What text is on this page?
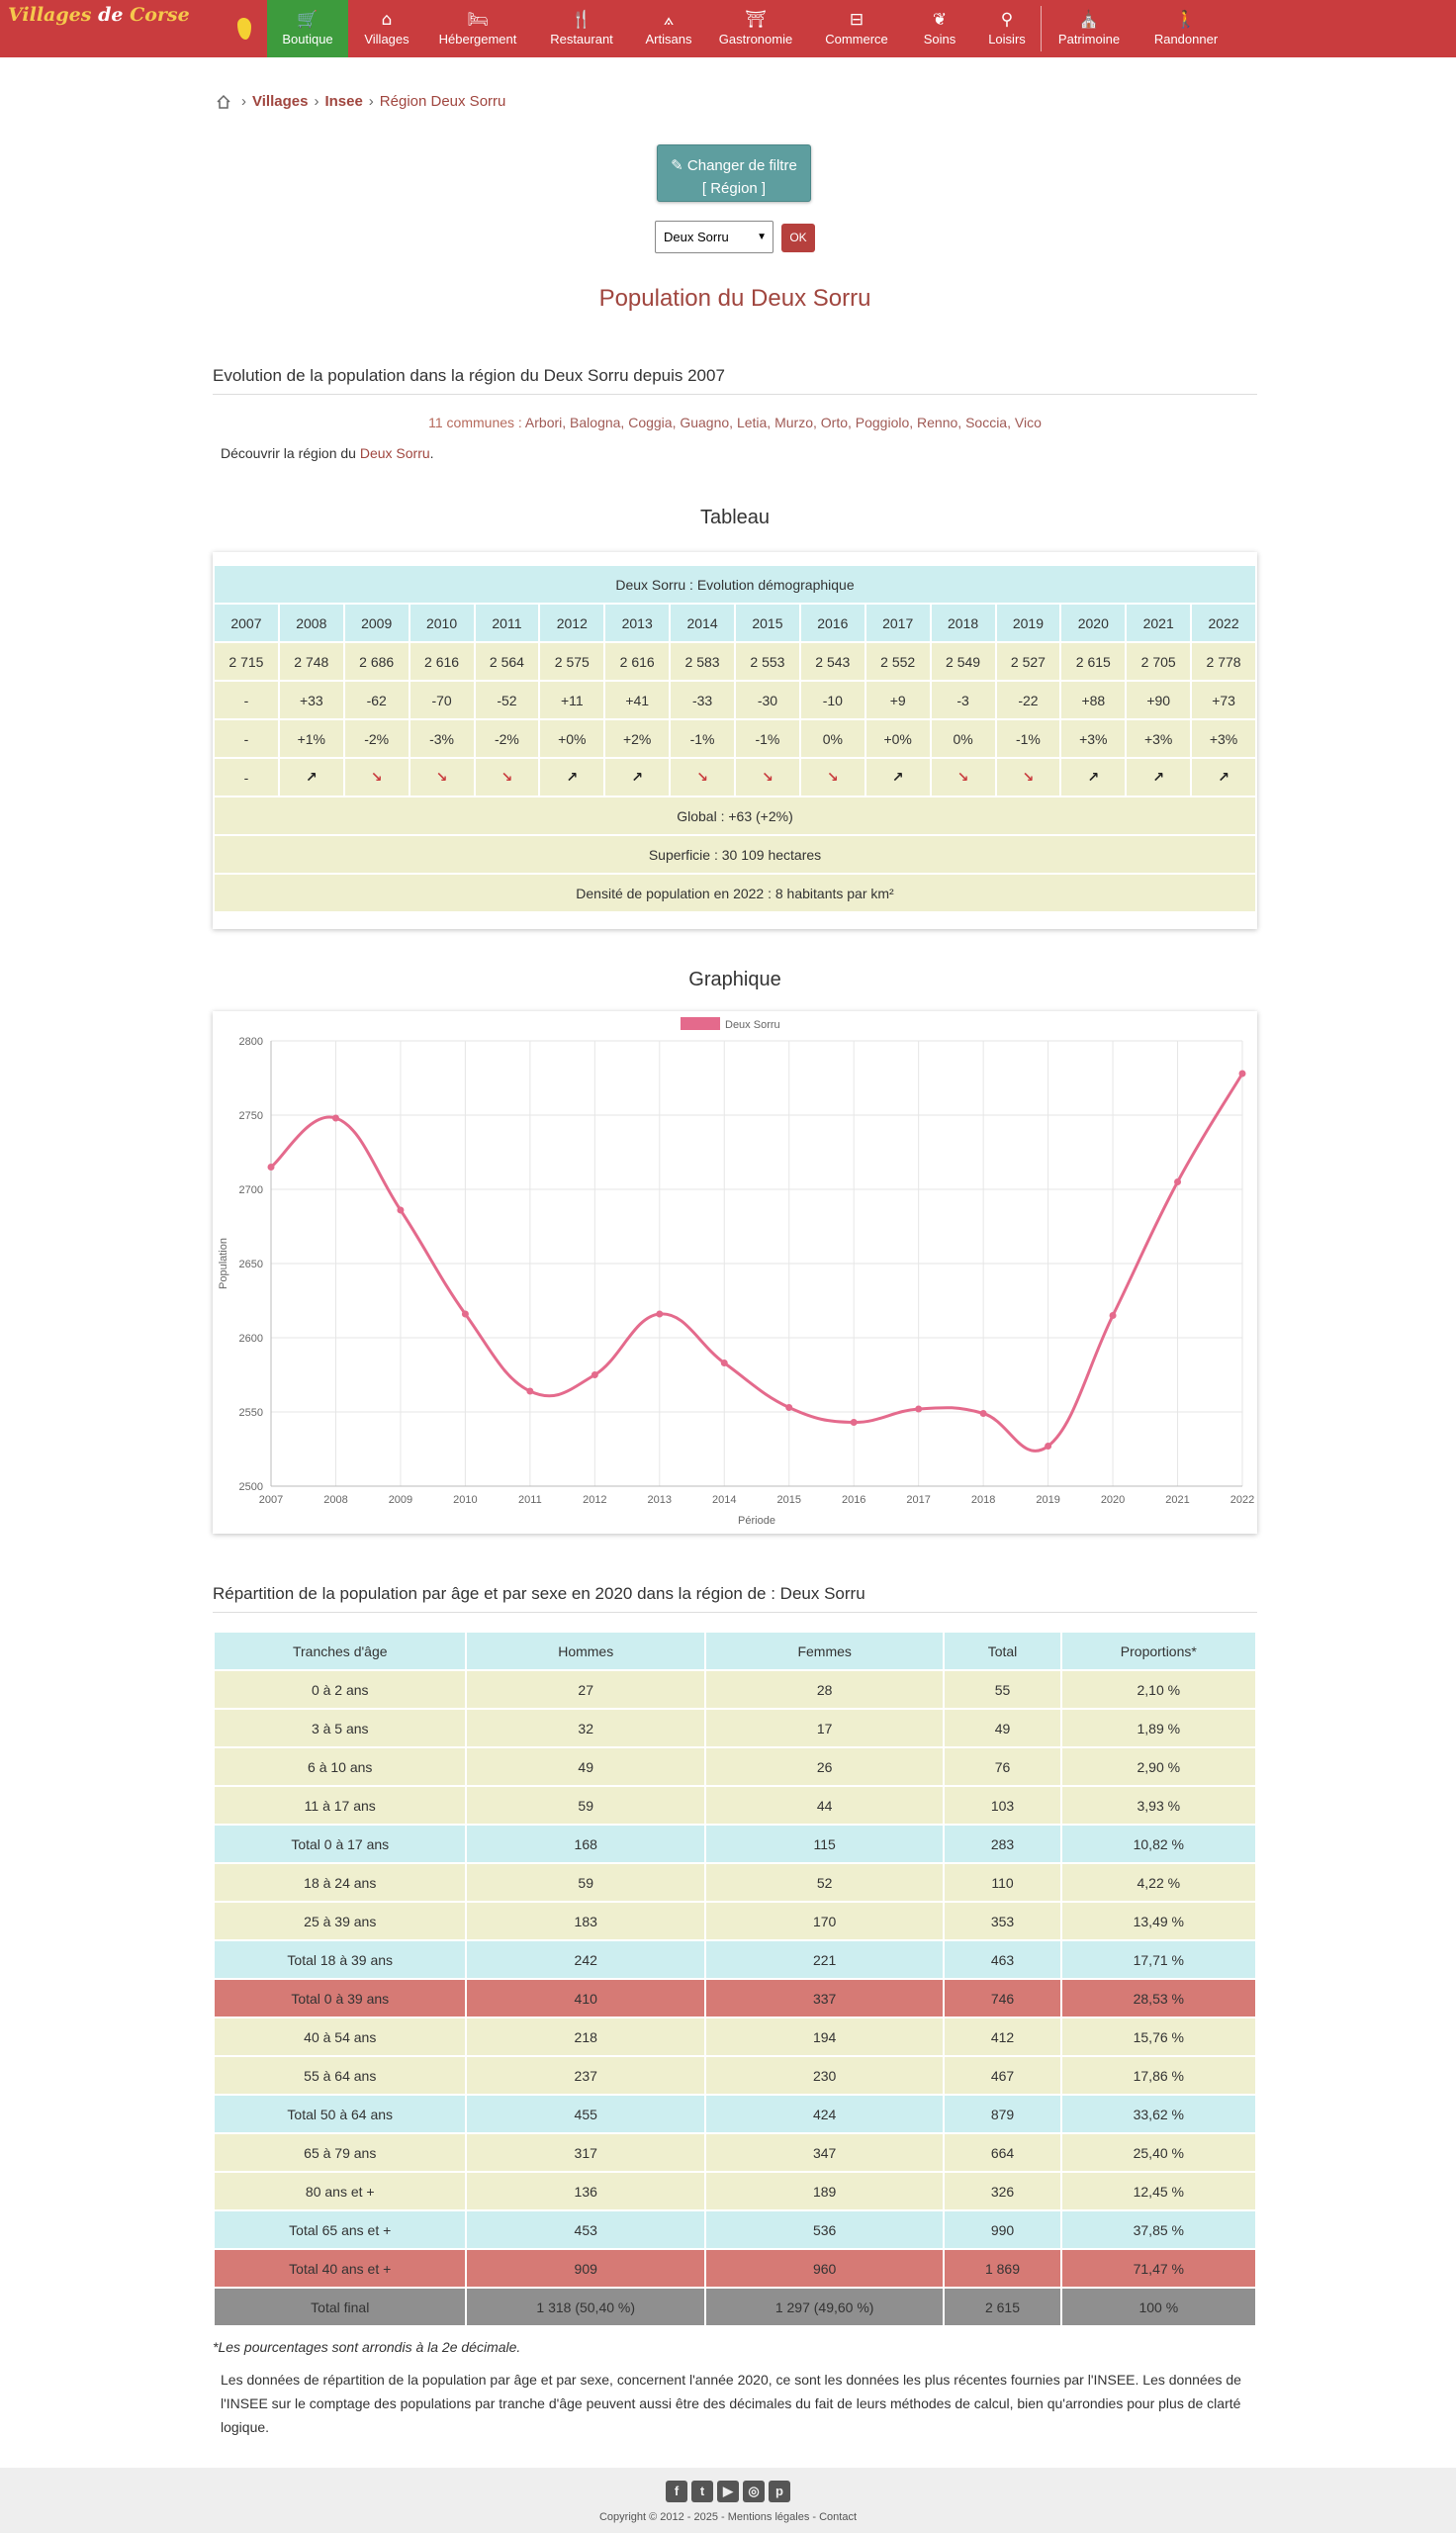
Villages de Corse	🛒
Boutique
⌂
Villages
🛏
Hébergement
🍴
Restaurant
⟑
Artisans
⛩
Gastronomie
⊟
Commerce
❦
Soins
⚲
Loisirs
⛪
Patrimoine
🚶
Randonner
› Villages › Insee › Région Deux Sorru
✎ Changer de filtre
[ Région ]
Deux Sorru	▼	OK
Population du Deux Sorru
Evolution de la population dans la région du Deux Sorru depuis 2007
11 communes : Arbori, Balogna, Coggia, Guagno, Letia, Murzo, Orto, Poggiolo, Renno, Soccia, Vico
Découvrir la région du Deux Sorru.
Tableau
Deux Sorru : Evolution démographique															
2007	2008	2009	2010	2011	2012	2013	2014	2015	2016	2017	2018	2019	2020	2021	2022
2 715	2 748	2 686	2 616	2 564	2 575	2 616	2 583	2 553	2 543	2 552	2 549	2 527	2 615	2 705	2 778
-	+33	-62	-70	-52	+11	+41	-33	-30	-10	+9	-3	-22	+88	+90	+73
-	+1%	-2%	-3%	-2%	+0%	+2%	-1%	-1%	0%	+0%	0%	-1%	+3%	+3%	+3%
-	↗	↘	↘	↘	↗	↗	↘	↘	↘	↗	↘	↘	↗	↗	↗
Global : +63 (+2%)															
Superficie : 30 109 hectares															
Densité de population en 2022 : 8 habitants par km²															
Graphique
2500
2550
2600
2650
2700
2750
2800
2007	2008	2009	2010	2011	2012	2013	2014	2015	2016	2017	2018	2019	2020	2021	2022
Deux Sorru
Période
Population
Répartition de la population par âge et par sexe en 2020 dans la région de : Deux Sorru
Tranches d'âge	Hommes	Femmes	Total	Proportions*
0 à 2 ans	27	28	55	2,10 %
3 à 5 ans	32	17	49	1,89 %
6 à 10 ans	49	26	76	2,90 %
11 à 17 ans	59	44	103	3,93 %
Total 0 à 17 ans	168	115	283	10,82 %
18 à 24 ans	59	52	110	4,22 %
25 à 39 ans	183	170	353	13,49 %
Total 18 à 39 ans	242	221	463	17,71 %
Total 0 à 39 ans	410	337	746	28,53 %
40 à 54 ans	218	194	412	15,76 %
55 à 64 ans	237	230	467	17,86 %
Total 50 à 64 ans	455	424	879	33,62 %
65 à 79 ans	317	347	664	25,40 %
80 ans et +	136	189	326	12,45 %
Total 65 ans et +	453	536	990	37,85 %
Total 40 ans et +	909	960	1 869	71,47 %
Total final	1 318 (50,40 %)	1 297 (49,60 %)	2 615	100 %
*Les pourcentages sont arrondis à la 2e décimale.
Les données de répartition de la population par âge et par sexe, concernent l'année 2020, ce sont les données les plus récentes fournies par l'INSEE. Les données de l'INSEE sur le comptage des populations par tranche d'âge peuvent aussi être des décimales du fait de leurs méthodes de calcul, bien qu'arrondies pour plus de clarté logique.
f	t	▶	◎	p
Copyright © 2012 - 2025 - Mentions légales - Contact
